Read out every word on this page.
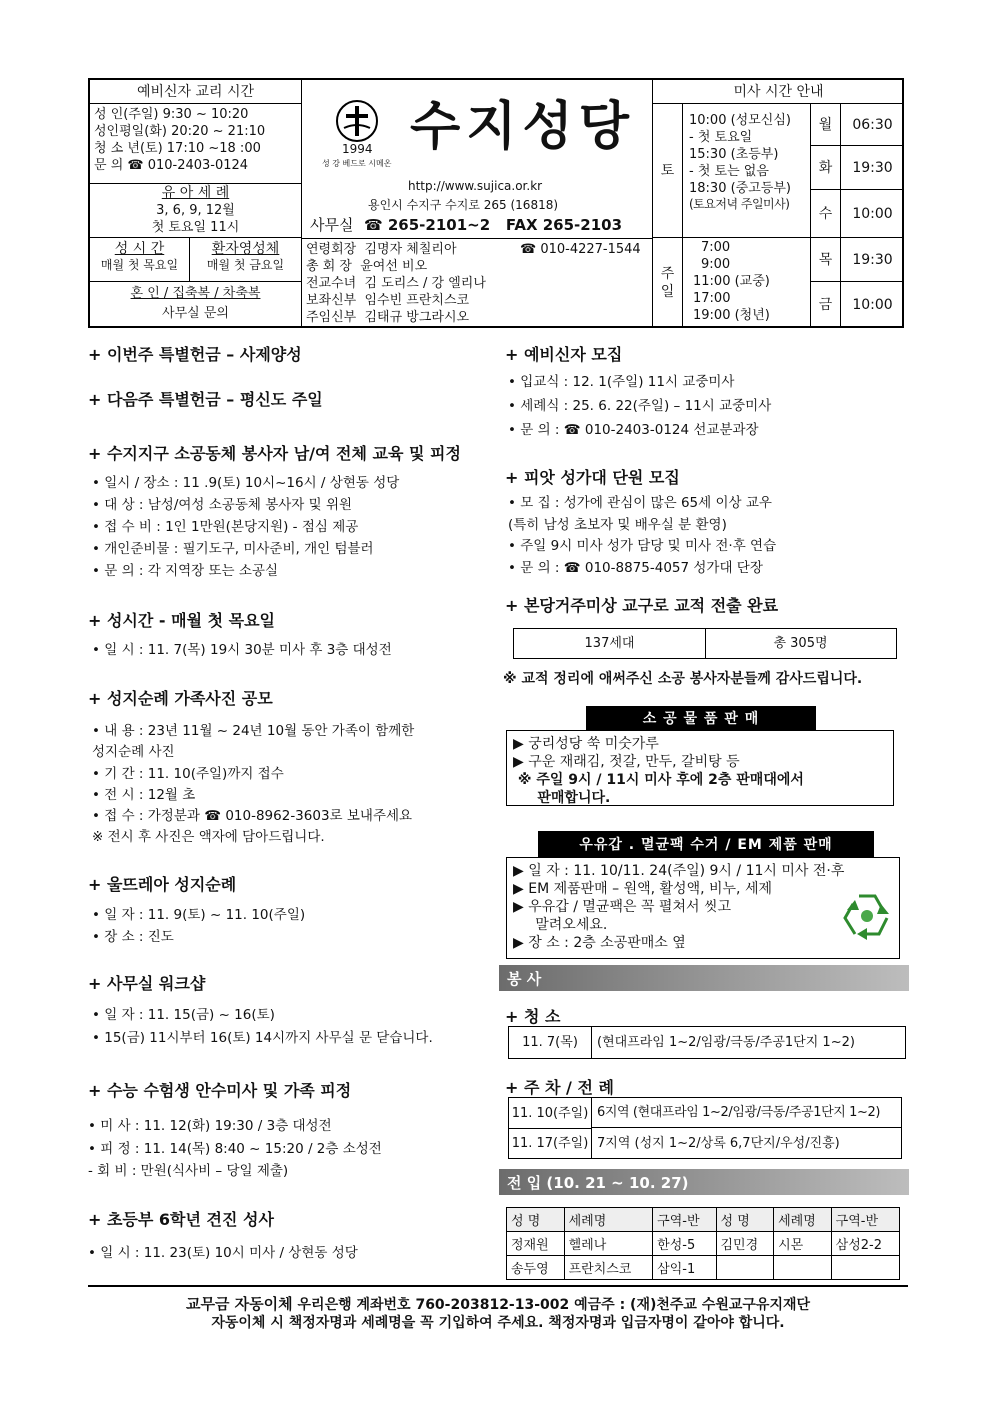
예비신자 교리 시간
성 인(주일) 9:30 ~ 10:20
성인평일(화) 20:20 ~ 21:10
청 소 년(토) 17:10 ~18 :00
문 의 ☎ 010-2403-0124
유 아 세 례
3, 6, 9, 12월
첫 토요일 11시
성 시 간
매월 첫 목요일
환자영성체
매월 첫 금요일
혼 인 / 집축복 / 차축복
사무실 문의
1994
성 강 베드로 시메온
수지성당
http://www.sujica.or.kr
용인시 수지구 수지로 265 (16818)
사무실 ☎ 265-2101~2 FAX 265-2103
연령회장 김명자 체칠리아	☎ 010-4227-1544
총 회 장 윤여선 비오
전교수녀 김 도리스 / 강 엘리나
보좌신부 임수빈 프란치스코
주임신부 김태규 방그라시오
미사 시간 안내
토
10:00 (성모신심)
- 첫 토요일
15:30 (초등부)
- 첫 토는 없음
18:30 (중고등부)
(토요저녁 주일미사)
주
일
7:00
9:00
11:00 (교중)
17:00
19:00 (청년)
월	06:30
화	19:30
수	10:00
목	19:30
금	10:00
+ 이번주 특별헌금 – 사제양성
+ 다음주 특별헌금 – 평신도 주일
+ 수지지구 소공동체 봉사자 남/여 전체 교육 및 피정
• 일시 / 장소 : 11 .9(토) 10시~16시 / 상현동 성당
• 대 상 : 남성/여성 소공동체 봉사자 및 위원
• 접 수 비 : 1인 1만원(본당지원) - 점심 제공
• 개인준비물 : 필기도구, 미사준비, 개인 텀블러
• 문 의 : 각 지역장 또는 소공실
+ 성시간 - 매월 첫 목요일
• 일 시 : 11. 7(목) 19시 30분 미사 후 3층 대성전
+ 성지순례 가족사진 공모
• 내 용 : 23년 11월 ~ 24년 10월 동안 가족이 함께한
성지순례 사진
• 기 간 : 11. 10(주일)까지 접수
• 전 시 : 12월 초
• 접 수 : 가정분과 ☎ 010-8962-3603로 보내주세요
※ 전시 후 사진은 액자에 담아드립니다.
+ 울뜨레아 성지순례
• 일 자 : 11. 9(토) ~ 11. 10(주일)
• 장 소 : 진도
+ 사무실 워크샵
• 일 자 : 11. 15(금) ~ 16(토)
• 15(금) 11시부터 16(토) 14시까지 사무실 문 닫습니다.
+ 수능 수험생 안수미사 및 가족 피정
• 미 사 : 11. 12(화) 19:30 / 3층 대성전
• 피 정 : 11. 14(목) 8:40 ~ 15:20 / 2층 소성전
- 회 비 : 만원(식사비 – 당일 제출)
+ 초등부 6학년 견진 성사
• 일 시 : 11. 23(토) 10시 미사 / 상현동 성당
+ 예비신자 모집
• 입교식 : 12. 1(주일) 11시 교중미사
• 세례식 : 25. 6. 22(주일) – 11시 교중미사
• 문 의 : ☎ 010-2403-0124 선교분과장
+ 피앗 성가대 단원 모집
• 모 집 : 성가에 관심이 많은 65세 이상 교우
(특히 남성 초보자 및 배우실 분 환영)
• 주일 9시 미사 성가 담당 및 미사 전·후 연습
• 문 의 : ☎ 010-8875-4057 성가대 단장
+ 본당거주미상 교구로 교적 전출 완료
137세대	총 305명
※ 교적 정리에 애써주신 소공 봉사자분들께 감사드립니다.
소 공 물 품 판 매
▶ 궁리성당 쑥 미숫가루
▶ 구운 재래김, 젓갈, 만두, 갈비탕 등
※ 주일 9시 / 11시 미사 후에 2층 판매대에서
판매합니다.
우유갑 . 멸균팩 수거 / EM 제품 판매
▶ 일 자 : 11. 10/11. 24(주일) 9시 / 11시 미사 전·후
▶ EM 제품판매 – 원액, 활성액, 비누, 세제
▶ 우유갑 / 멸균팩은 꼭 펼쳐서 씻고
말려오세요.
▶ 장 소 : 2층 소공판매소 옆
봉 사
+ 청 소
11. 7(목)	(현대프라임 1~2/임광/극동/주공1단지 1~2)
+ 주 차 / 전 례
11. 10(주일) 6지역 (현대프라임 1~2/임광/극동/주공1단지 1~2)
11. 17(주일) 7지역 (성지 1~2/상록 6,7단지/우성/진흥)
전 입 (10. 21 ~ 10. 27)
성 명	세례명	구역-반	성 명	세례명	구역-반
정재원	헬레나	한성-5	김민경	시몬	삼성2-2
송두영	프란치스코	삼익-1			
교무금 자동이체 우리은행 계좌번호 760-203812-13-002 예금주 : (재)천주교 수원교구유지재단
자동이체 시 책정자명과 세례명을 꼭 기입하여 주세요. 책정자명과 입금자명이 같아야 합니다.
